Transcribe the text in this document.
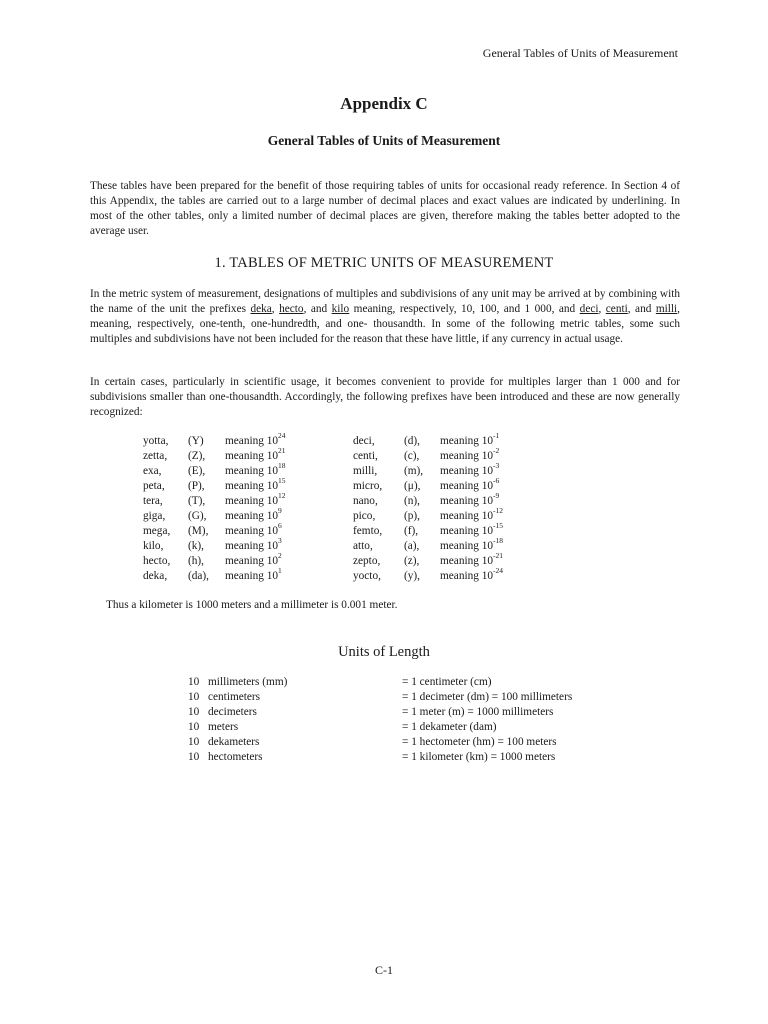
General Tables of Units of Measurement
Appendix C
General Tables of Units of Measurement

These tables have been prepared for the benefit of those requiring tables of units for occasional ready reference. In Section 4 of this Appendix, the tables are carried out to a large number of decimal places and exact values are indicated by underlining. In most of the other tables, only a limited number of decimal places are given, therefore making the tables better adopted to the average user.

1. TABLES OF METRIC UNITS OF MEASUREMENT

In the metric system of measurement, designations of multiples and subdivisions of any unit may be arrived at by combining with the name of the unit the prefixes deka, hecto, and kilo meaning, respectively, 10, 100, and 1 000, and deci, centi, and milli, meaning, respectively, one-tenth, one-hundredth, and one- thousandth. In some of the following metric tables, some such multiples and subdivisions have not been included for the reason that these have little, if any currency in actual usage.

In certain cases, particularly in scientific usage, it becomes convenient to provide for multiples larger than 1 000 and for subdivisions smaller than one-thousandth. Accordingly, the following prefixes have been introduced and these are now generally recognized:

yotta,	(Y)	meaning $10^{24}$	deci,	(d),	meaning $10^{-1}$
zetta,	(Z),	meaning $10^{21}$	centi,	(c),	meaning $10^{-2}$
exa,	(E),	meaning $10^{18}$	milli,	(m),	meaning $10^{-3}$
peta,	(P),	meaning $10^{15}$	micro,	(μ),	meaning $10^{-6}$
tera,	(T),	meaning $10^{12}$	nano,	(n),	meaning $10^{-9}$
giga,	(G),	meaning $10^9$	pico,	(p),	meaning $10^{-12}$
mega,	(M),	meaning $10^6$	femto,	(f),	meaning $10^{-15}$
kilo,	(k),	meaning $10^3$	atto,	(a),	meaning $10^{-18}$
hecto,	(h),	meaning $10^2$	zepto,	(z),	meaning $10^{-21}$
deka,	(da),	meaning $10^1$	yocto,	(y),	meaning $10^{-24}$
Thus a kilometer is 1000 meters and a millimeter is 0.001 meter.
Units of Length
10	millimeters (mm)	= 1 centimeter (cm)
10	centimeters	= 1 decimeter (dm) = 100 millimeters
10	decimeters	= 1 meter (m) = 1000 millimeters
10	meters	= 1 dekameter (dam)
10	dekameters	= 1 hectometer (hm) = 100 meters
10	hectometers	= 1 kilometer (km) = 1000 meters
C-1
